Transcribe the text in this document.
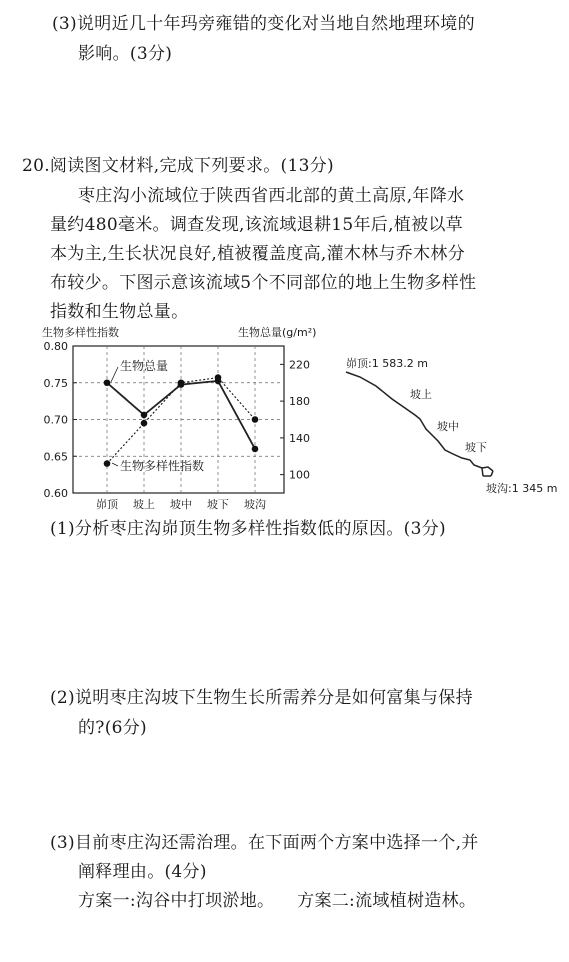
(3)说明近几十年玛旁雍错的变化对当地自然地理环境的
影响。(3分)
20.阅读图文材料,完成下列要求。(13分)
枣庄沟小流域位于陕西省西北部的黄土高原,年降水
量约480毫米。调查发现,该流域退耕15年后,植被以草
本为主,生长状况良好,植被覆盖度高,灌木林与乔木林分
布较少。下图示意该流域5个不同部位的地上生物多样性
指数和生物总量。
生物多样性指数	生物总量(g/m²)
0.80
0.75
0.70
0.65
0.60
220
180
140
100
峁顶 坡上 坡中 坡下 坡沟
生物总量
生物多样性指数
峁顶:1 583.2 m
坡上
坡中
坡下
坡沟:1 345 m
(1)分析枣庄沟峁顶生物多样性指数低的原因。(3分)
(2)说明枣庄沟坡下生物生长所需养分是如何富集与保持
的?(6分)
(3)目前枣庄沟还需治理。在下面两个方案中选择一个,并
阐释理由。(4分)
方案一:沟谷中打坝淤地。    方案二:流域植树造林。
